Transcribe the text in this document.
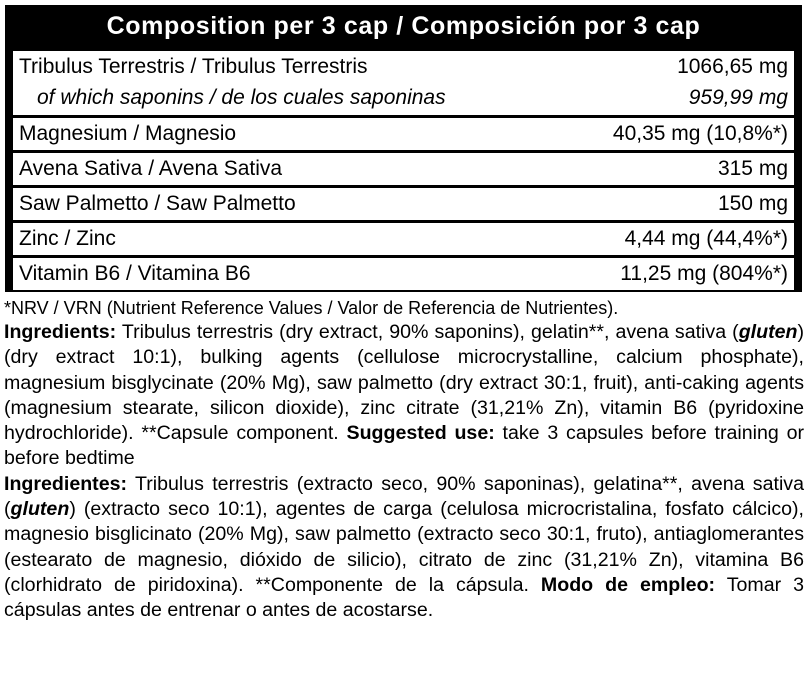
Composition per 3 cap / Composición por 3 cap
Tribulus Terrestris / Tribulus Terrestris	1066,65 mg
of which saponins / de los cuales saponinas	959,99 mg
Magnesium / Magnesio	40,35 mg (10,8%*)
Avena Sativa / Avena Sativa	315 mg
Saw Palmetto / Saw Palmetto	150 mg
Zinc / Zinc	4,44 mg (44,4%*)
Vitamin B6 / Vitamina B6	11,25 mg (804%*)

*NRV / VRN (Nutrient Reference Values / Valor de Referencia de Nutrientes).

Ingredients: Tribulus terrestris (dry extract, 90% saponins), gelatin**, avena sativa (gluten) (dry extract 10:1), bulking agents (cellulose microcrystalline, calcium phosphate), magnesium bisglycinate (20% Mg), saw palmetto (dry extract 30:1, fruit), anti-caking agents (magnesium stearate, silicon dioxide), zinc citrate (31,21% Zn), vitamin B6 (pyridoxine hydrochloride). **Capsule component. Suggested use: take 3 capsules before training or before bedtime

Ingredientes: Tribulus terrestris (extracto seco, 90% saponinas), gelatina**, avena sativa (gluten) (extracto seco 10:1), agentes de carga (celulosa microcristalina, fosfato cálcico), magnesio bisglicinato (20% Mg), saw palmetto (extracto seco 30:1, fruto), antiaglomerantes (estearato de magnesio, dióxido de silicio), citrato de zinc (31,21% Zn), vitamina B6 (clorhidrato de piridoxina). **Componente de la cápsula. Modo de empleo: Tomar 3 cápsulas antes de entrenar o antes de acostarse.
